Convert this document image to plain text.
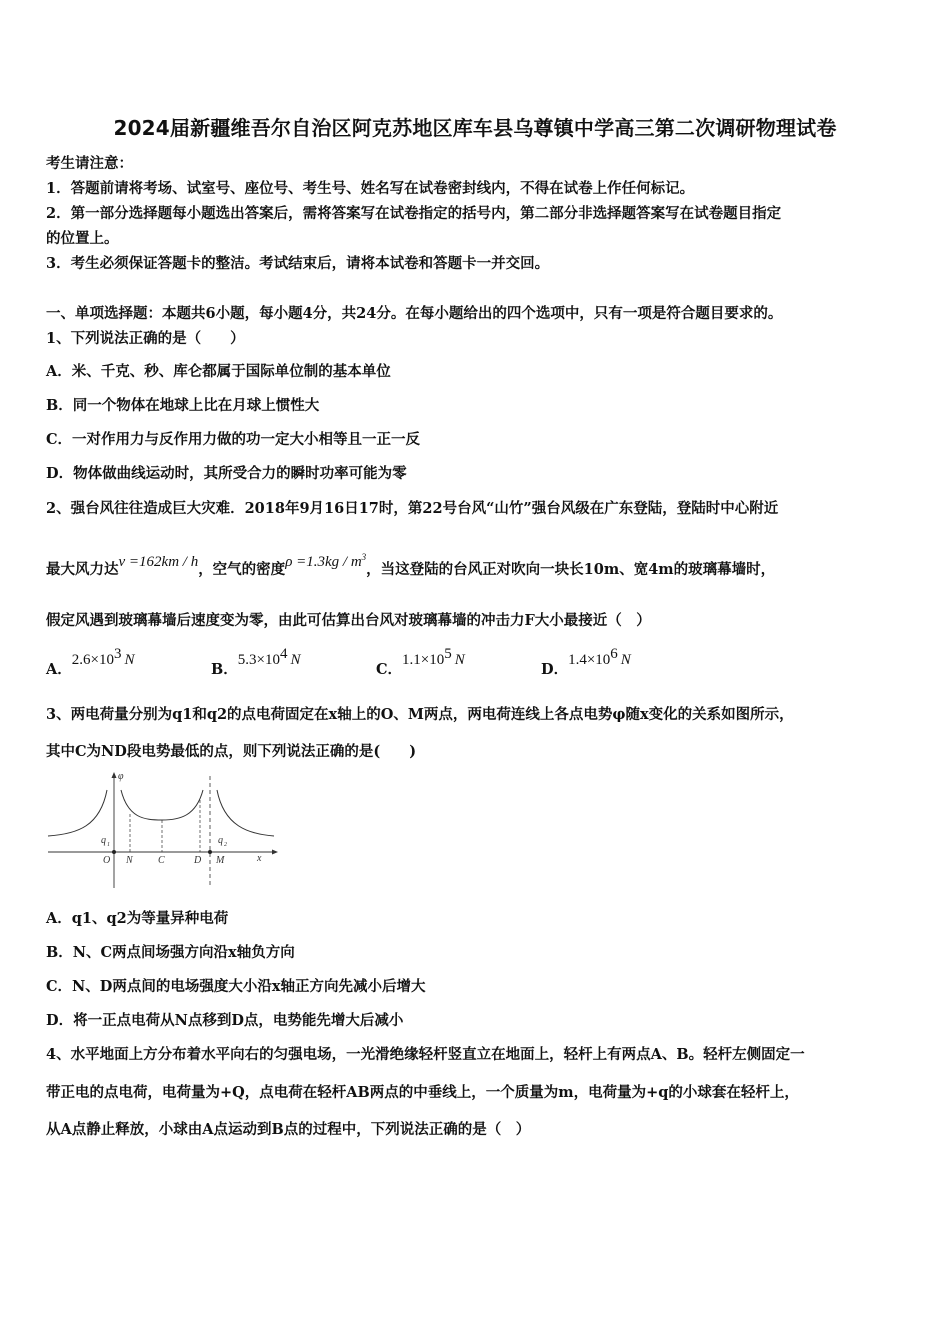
2024届新疆维吾尔自治区阿克苏地区库车县乌尊镇中学高三第二次调研物理试卷
考生请注意：
1．答题前请将考场、试室号、座位号、考生号、姓名写在试卷密封线内，不得在试卷上作任何标记。
2．第一部分选择题每小题选出答案后，需将答案写在试卷指定的括号内，第二部分非选择题答案写在试卷题目指定
的位置上。
3．考生必须保证答题卡的整洁。考试结束后，请将本试卷和答题卡一并交回。
一、单项选择题：本题共6小题，每小题4分，共24分。在每小题给出的四个选项中，只有一项是符合题目要求的。
1、下列说法正确的是（　　）
A．米、千克、秒、库仑都属于国际单位制的基本单位
B．同一个物体在地球上比在月球上惯性大
C．一对作用力与反作用力做的功一定大小相等且一正一反
D．物体做曲线运动时，其所受合力的瞬时功率可能为零
2、强台风往往造成巨大灾难．2018年9月16日17时，第22号台风“山竹”强台风级在广东登陆，登陆时中心附近
最大风力达v =162km / h，空气的密度$\rho =1.3kg / m^3$，当这登陆的台风正对吹向一块长10m、宽4m的玻璃幕墙时，
假定风遇到玻璃幕墙后速度变为零，由此可估算出台风对玻璃幕墙的冲击力F大小最接近（　）
A．$2.6\times 10^3$ N
B．$5.3\times 10^4$ N
C．$1.1\times 10^5$ N
D．$1.4\times 10^6$ N
3、两电荷量分别为q1和q2的点电荷固定在x轴上的O、M两点，两电荷连线上各点电势φ随x变化的关系如图所示，
其中C为ND段电势最低的点，则下列说法正确的是(　　)
φ
x
q 1	q 2
O N	C	D M
A．q1、q2为等量异种电荷
B．N、C两点间场强方向沿x轴负方向
C．N、D两点间的电场强度大小沿x轴正方向先减小后增大
D．将一正点电荷从N点移到D点，电势能先增大后减小
4、水平地面上方分布着水平向右的匀强电场，一光滑绝缘轻杆竖直立在地面上，轻杆上有两点A、B。轻杆左侧固定一
带正电的点电荷，电荷量为+Q，点电荷在轻杆AB两点的中垂线上，一个质量为m，电荷量为+q的小球套在轻杆上，
从A点静止释放，小球由A点运动到B点的过程中，下列说法正确的是（　）
